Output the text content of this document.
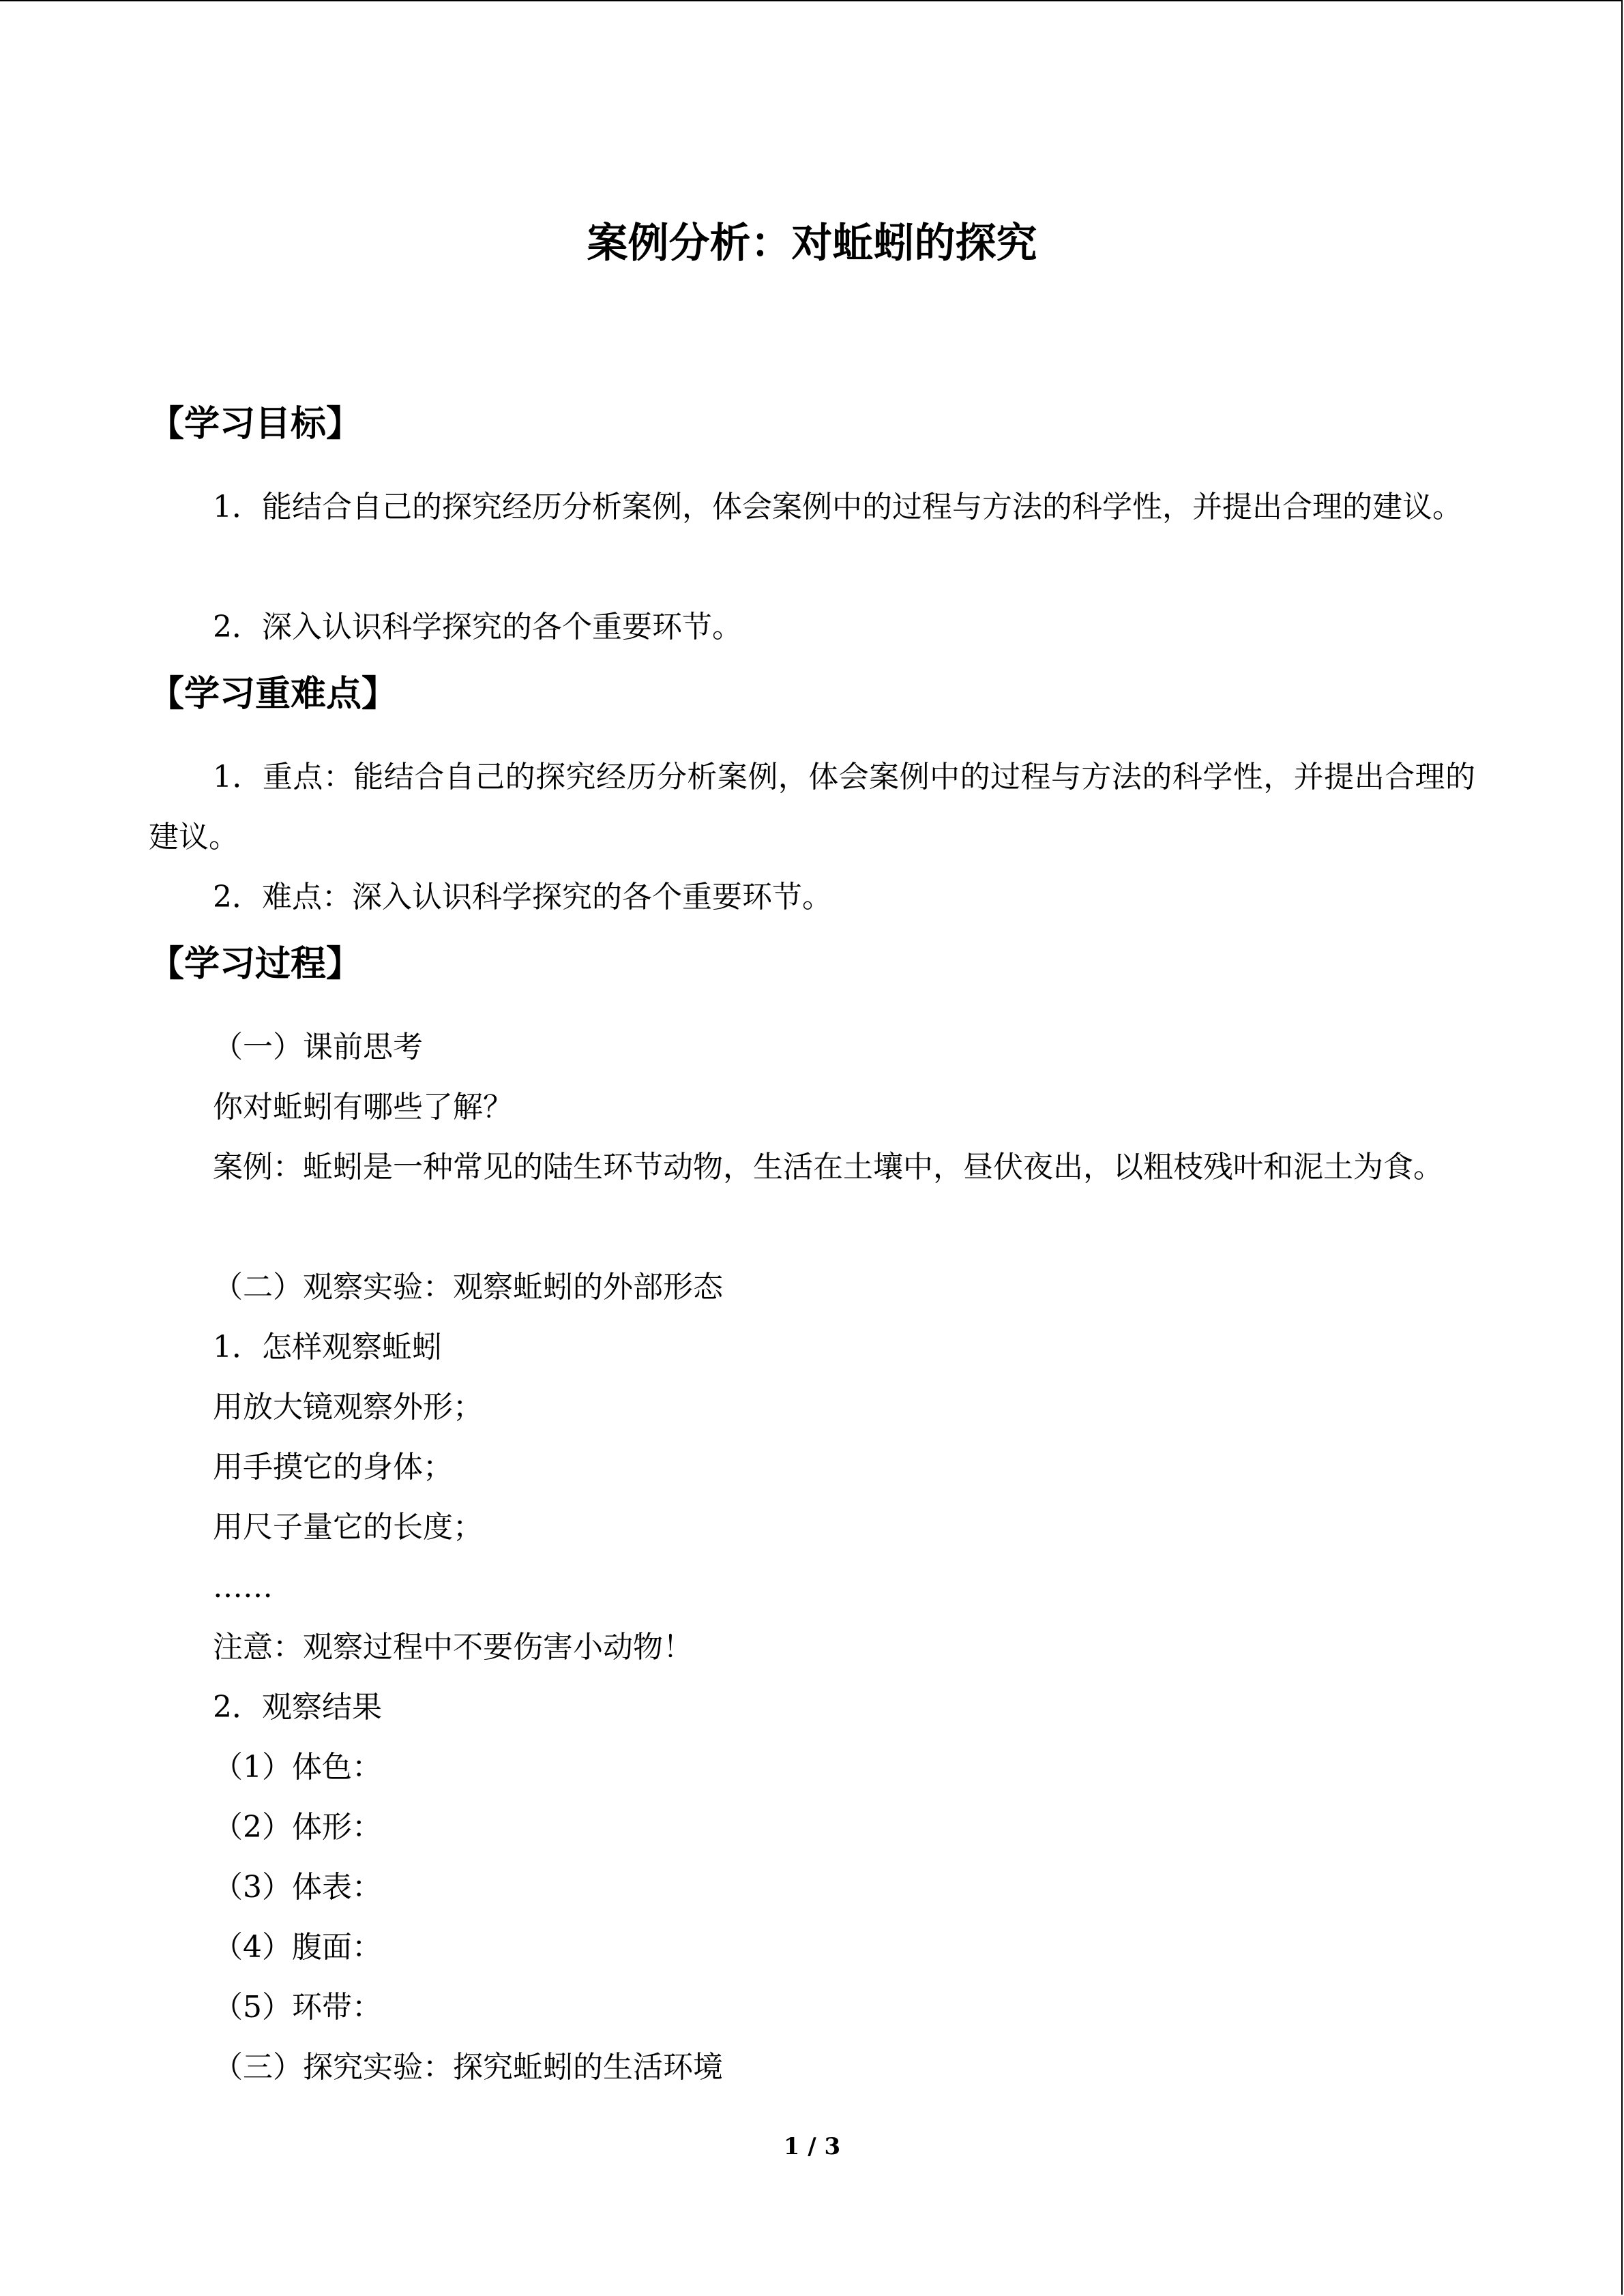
案例分析：对蚯蚓的探究
【学习目标】

1．能结合自己的探究经历分析案例，体会案例中的过程与方法的科学性，并提出合理的建议。

2．深入认识科学探究的各个重要环节。

【学习重难点】

1．重点：能结合自己的探究经历分析案例，体会案例中的过程与方法的科学性，并提出合理的建议。

2．难点：深入认识科学探究的各个重要环节。

【学习过程】

（一）课前思考

你对蚯蚓有哪些了解？

案例：蚯蚓是一种常见的陆生环节动物，生活在土壤中，昼伏夜出，以粗枝残叶和泥土为食。

（二）观察实验：观察蚯蚓的外部形态

1．怎样观察蚯蚓

用放大镜观察外形；

用手摸它的身体；

用尺子量它的长度；

……

注意：观察过程中不要伤害小动物！

2．观察结果

（1）体色：

（2）体形：

（3）体表：

（4）腹面：

（5）环带：

（三）探究实验：探究蚯蚓的生活环境

1 / 3
